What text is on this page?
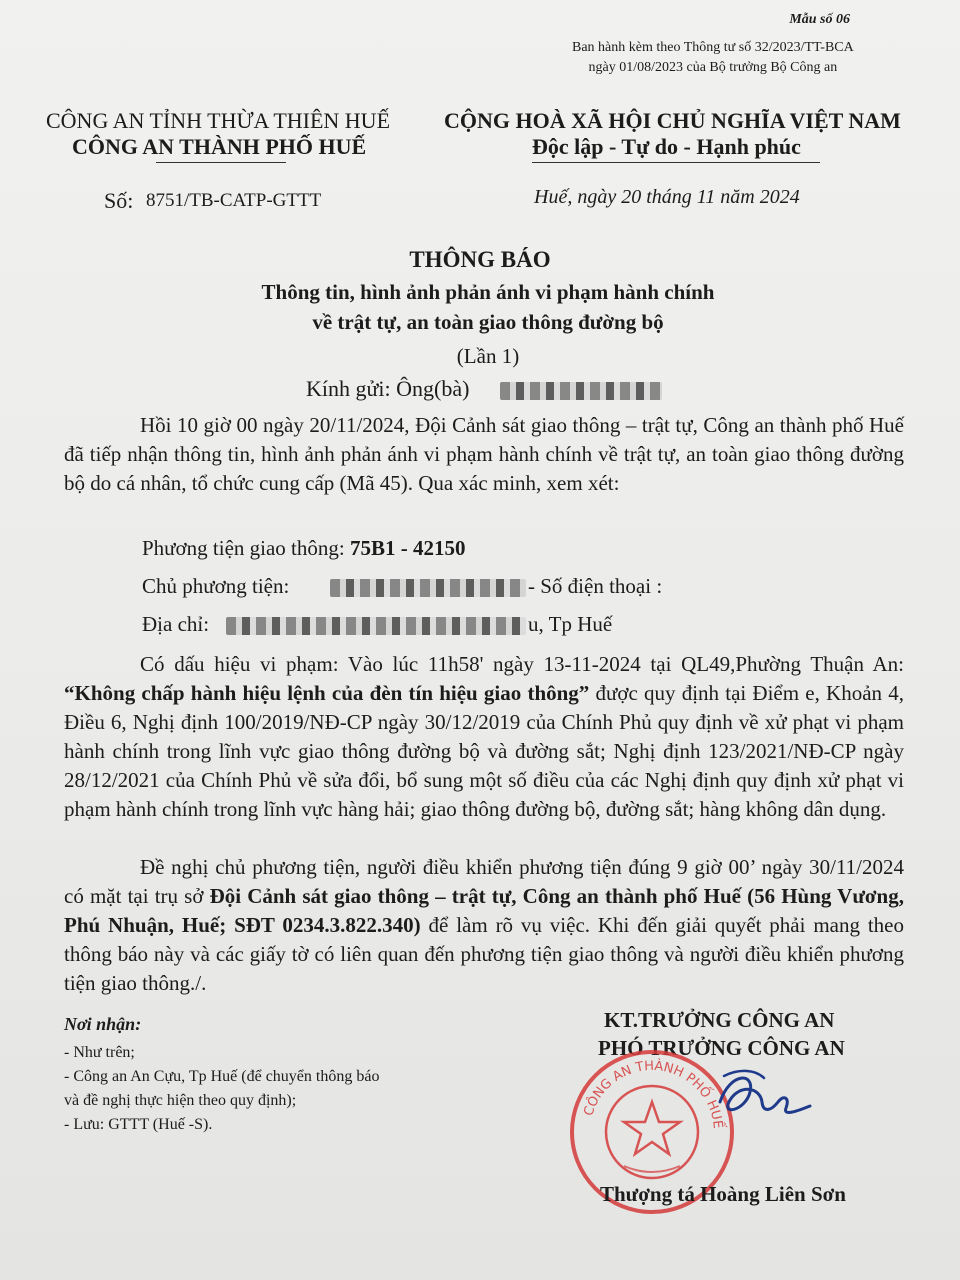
Mẫu số 06
Ban hành kèm theo Thông tư số 32/2023/TT-BCA
ngày 01/08/2023 của Bộ trưởng Bộ Công an
CÔNG AN TỈNH THỪA THIÊN HUẾ
CÔNG AN THÀNH PHỐ HUẾ
CỘNG HOÀ XÃ HỘI CHỦ NGHĨA VIỆT NAM
Độc lập - Tự do - Hạnh phúc
Số: 8751/TB-CATP-GTTT	Huế, ngày 20 tháng 11 năm 2024
THÔNG BÁO
Thông tin, hình ảnh phản ánh vi phạm hành chính
về trật tự, an toàn giao thông đường bộ
(Lần 1)
Kính gửi: Ông(bà)

Hồi 10 giờ 00 ngày 20/11/2024, Đội Cảnh sát giao thông – trật tự, Công an thành phố Huế đã tiếp nhận thông tin, hình ảnh phản ánh vi phạm hành chính về trật tự, an toàn giao thông đường bộ do cá nhân, tổ chức cung cấp (Mã 45). Qua xác minh, xem xét:

Phương tiện giao thông: 75B1 - 42150
Chủ phương tiện:	- Số điện thoại :
Địa chỉ:	u, Tp Huế

Có dấu hiệu vi phạm: Vào lúc 11h58' ngày 13-11-2024 tại QL49,Phường Thuận An: “Không chấp hành hiệu lệnh của đèn tín hiệu giao thông” được quy định tại Điểm e, Khoản 4, Điều 6, Nghị định 100/2019/NĐ-CP ngày 30/12/2019 của Chính Phủ quy định về xử phạt vi phạm hành chính trong lĩnh vực giao thông đường bộ và đường sắt; Nghị định 123/2021/NĐ-CP ngày 28/12/2021 của Chính Phủ về sửa đổi, bổ sung một số điều của các Nghị định quy định xử phạt vi phạm hành chính trong lĩnh vực hàng hải; giao thông đường bộ, đường sắt; hàng không dân dụng.

Đề nghị chủ phương tiện, người điều khiển phương tiện đúng 9 giờ 00’ ngày 30/11/2024 có mặt tại trụ sở Đội Cảnh sát giao thông – trật tự, Công an thành phố Huế (56 Hùng Vương, Phú Nhuận, Huế; SĐT 0234.3.822.340) để làm rõ vụ việc. Khi đến giải quyết phải mang theo thông báo này và các giấy tờ có liên quan đến phương tiện giao thông và người điều khiển phương tiện giao thông./.

Nơi nhận:
- Như trên;
- Công an An Cựu, Tp Huế (để chuyển thông báo
và đề nghị thực hiện theo quy định);
- Lưu: GTTT (Huế -S).
KT.TRƯỞNG CÔNG AN
PHÓ TRƯỞNG CÔNG AN
CÔNG AN THÀNH PHỐ HUẾ
Thượng tá Hoàng Liên Sơn
